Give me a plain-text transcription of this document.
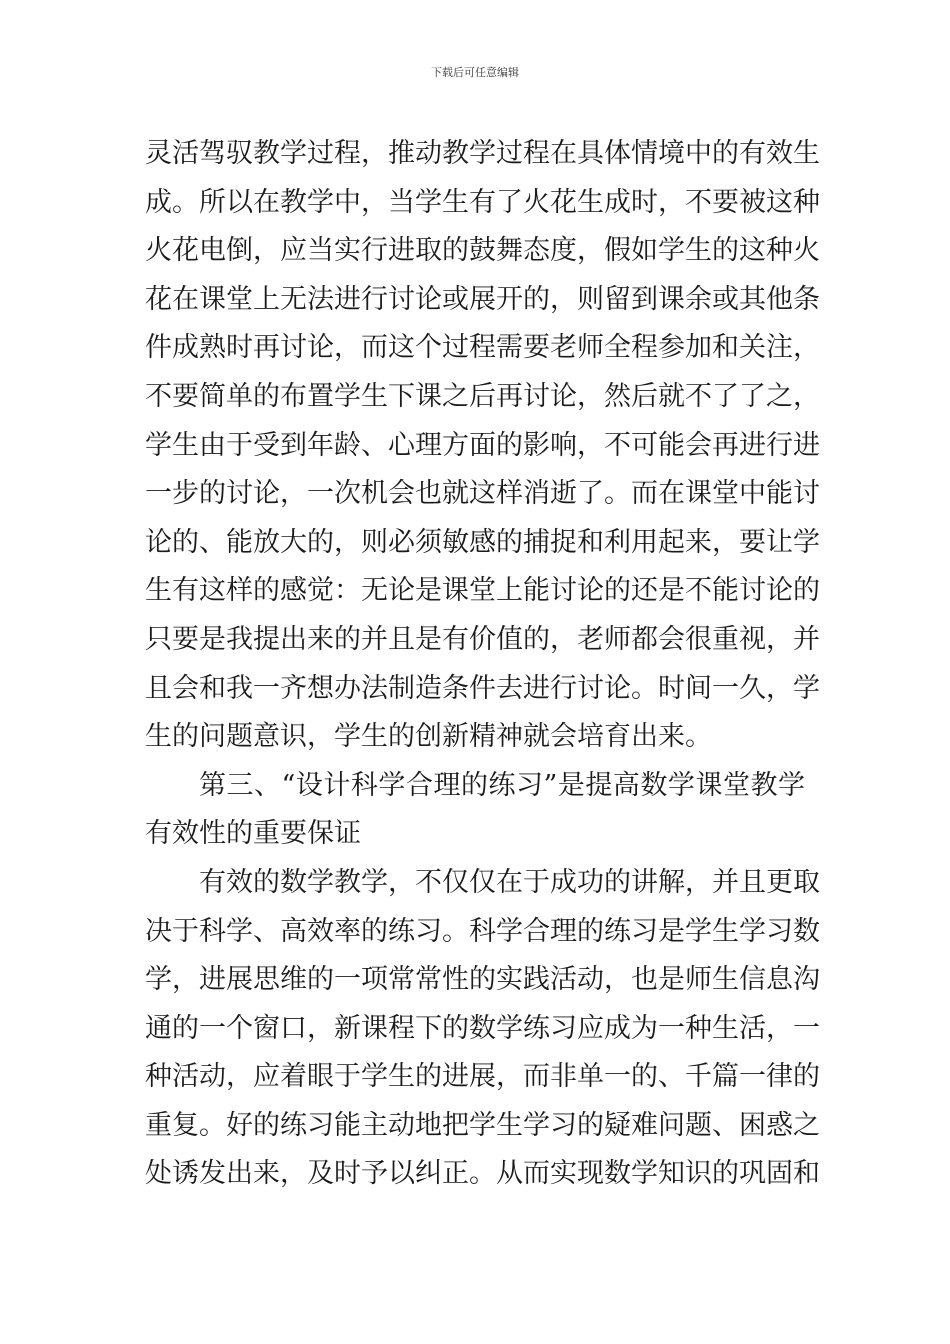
下载后可任意编辑
灵活驾驭教学过程，推动教学过程在具体情境中的有效生
成。所以在教学中，当学生有了火花生成时，不要被这种
火花电倒，应当实行进取的鼓舞态度，假如学生的这种火
花在课堂上无法进行讨论或展开的，则留到课余或其他条
件成熟时再讨论，而这个过程需要老师全程参加和关注，
不要简单的布置学生下课之后再讨论，然后就不了了之，
学生由于受到年龄、心理方面的影响，不可能会再进行进
一步的讨论，一次机会也就这样消逝了。而在课堂中能讨
论的、能放大的，则必须敏感的捕捉和利用起来，要让学
生有这样的感觉：无论是课堂上能讨论的还是不能讨论的
只要是我提出来的并且是有价值的，老师都会很重视，并
且会和我一齐想办法制造条件去进行讨论。时间一久，学
生的问题意识，学生的创新精神就会培育出来。
第三、“设计科学合理的练习”是提高数学课堂教学
有效性的重要保证
有效的数学教学，不仅仅在于成功的讲解，并且更取
决于科学、高效率的练习。科学合理的练习是学生学习数
学，进展思维的一项常常性的实践活动，也是师生信息沟
通的一个窗口，新课程下的数学练习应成为一种生活，一
种活动，应着眼于学生的进展，而非单一的、千篇一律的
重复。好的练习能主动地把学生学习的疑难问题、困惑之
处诱发出来，及时予以纠正。从而实现数学知识的巩固和
